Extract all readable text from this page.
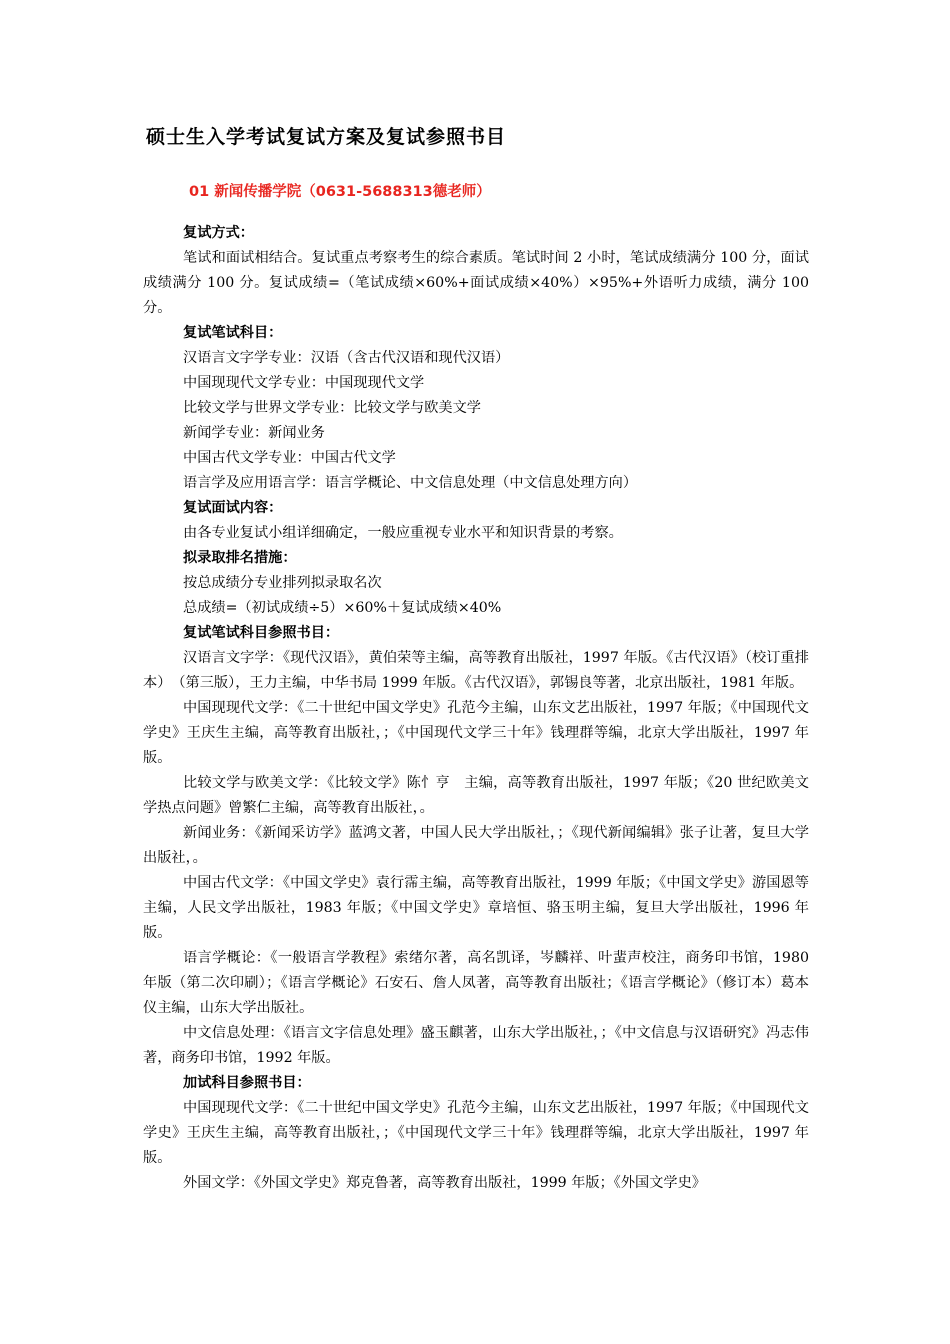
硕士生入学考试复试方案及复试参照书目
01 新闻传播学院（0631-5688313德老师）

复试方式：

笔试和面试相结合。复试重点考察考生的综合素质。笔试时间 2 小时，笔试成绩满分 100 分，面试成绩满分 100 分。复试成绩=（笔试成绩×60%+面试成绩×40%）×95%+外语听力成绩，满分 100 分。

复试笔试科目：

汉语言文字学专业：汉语（含古代汉语和现代汉语）

中国现现代文学专业：中国现现代文学

比较文学与世界文学专业：比较文学与欧美文学

新闻学专业：新闻业务

中国古代文学专业：中国古代文学

语言学及应用语言学：语言学概论、中文信息处理（中文信息处理方向）

复试面试内容：

由各专业复试小组详细确定，一般应重视专业水平和知识背景的考察。

拟录取排名措施：

按总成绩分专业排列拟录取名次

总成绩=（初试成绩÷5）×60%＋复试成绩×40%

复试笔试科目参照书目：

汉语言文字学：《现代汉语》，黄伯荣等主编，高等教育出版社，1997 年版。《古代汉语》（校订重排本）　（第三版），王力主编，中华书局 1999 年版。《古代汉语》，郭锡良等著，北京出版社，1981 年版。

中国现现代文学：《二十世纪中国文学史》孔范今主编，山东文艺出版社，1997 年版；《中国现代文学史》王庆生主编，高等教育出版社，；《中国现代文学三十年》钱理群等编，北京大学出版社，1997 年版。

比较文学与欧美文学：《比较文学》陈忄亨　主编，高等教育出版社，1997 年版；《20 世纪欧美文学热点问题》曾繁仁主编，高等教育出版社，。

新闻业务：《新闻采访学》蓝鸿文著，中国人民大学出版社，；《现代新闻编辑》张子让著，复旦大学出版社，。

中国古代文学：《中国文学史》袁行霈主编，高等教育出版社，1999 年版；《中国文学史》游国恩等主编，人民文学出版社，1983 年版；《中国文学史》章培恒、骆玉明主编，复旦大学出版社，1996 年版。

语言学概论：《一般语言学教程》索绪尔著，高名凯译，岑麟祥、叶蜚声校注，商务印书馆，1980 年版（第二次印刷）；《语言学概论》石安石、詹人凤著，高等教育出版社；《语言学概论》（修订本）葛本仪主编，山东大学出版社。

中文信息处理：《语言文字信息处理》盛玉麒著，山东大学出版社，；《中文信息与汉语研究》冯志伟著，商务印书馆，1992 年版。

加试科目参照书目：

中国现现代文学：《二十世纪中国文学史》孔范今主编，山东文艺出版社，1997 年版；《中国现代文学史》王庆生主编，高等教育出版社，；《中国现代文学三十年》钱理群等编，北京大学出版社，1997 年版。

外国文学：《外国文学史》郑克鲁著，高等教育出版社，1999 年版；《外国文学史》
